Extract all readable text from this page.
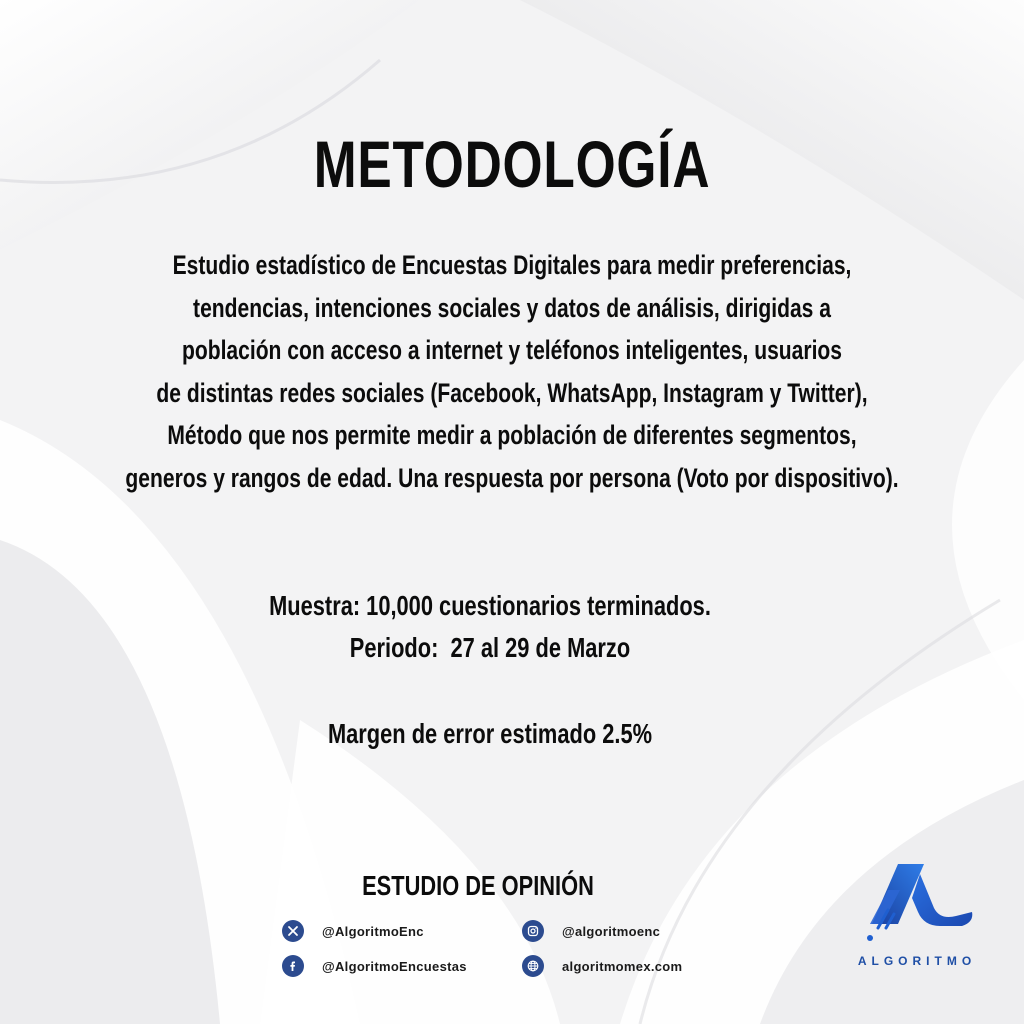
METODOLOGÍA
Estudio estadístico de Encuestas Digitales para medir preferencias,
tendencias, intenciones sociales y datos de análisis, dirigidas a
población con acceso a internet y teléfonos inteligentes, usuarios
de distintas redes sociales (Facebook, WhatsApp, Instagram y Twitter),
Método que nos permite medir a población de diferentes segmentos,
generos y rangos de edad. Una respuesta por persona (Voto por dispositivo).
Muestra: 10,000 cuestionarios terminados.
Periodo:  27 al 29 de Marzo
Margen de error estimado 2.5%
ESTUDIO DE OPINIÓN
@AlgoritmoEnc
@AlgoritmoEncuestas
@algoritmoenc
algoritmomex.com	ALGORITMO
